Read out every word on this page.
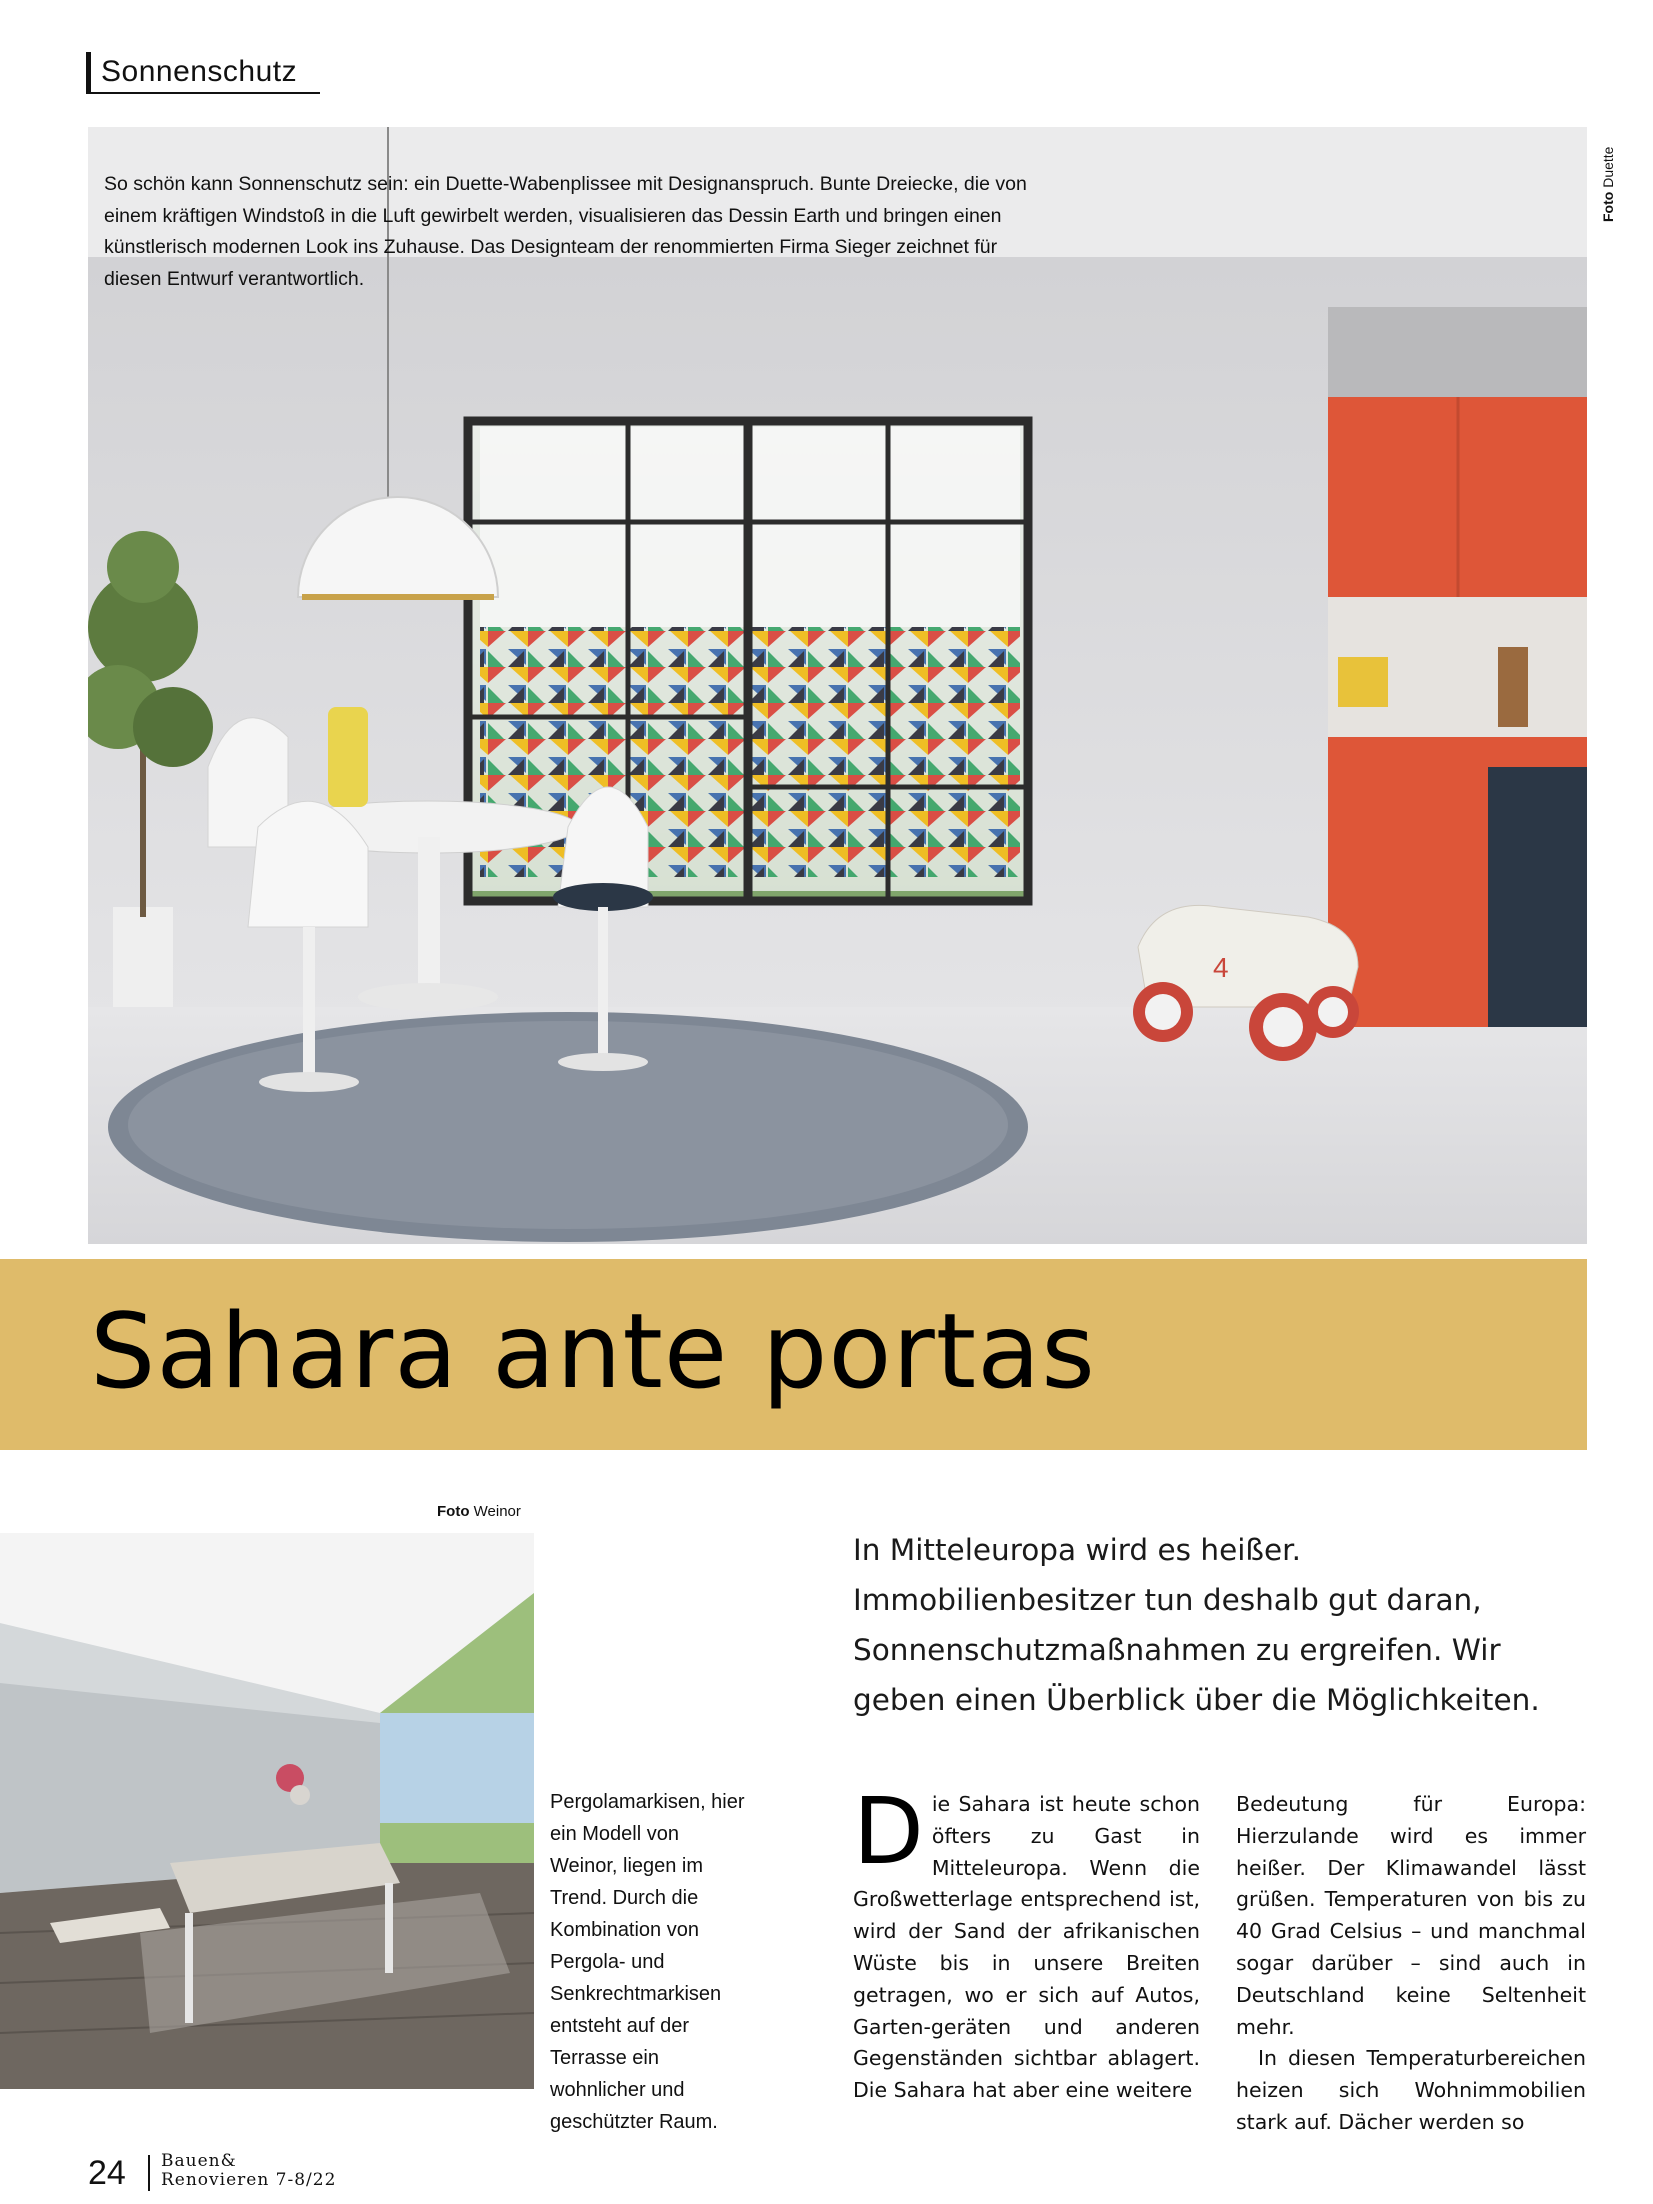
Sonnenschutz
4
So schön kann Sonnenschutz sein: ein Duette-Wabenplissee mit Designanspruch. Bunte Dreiecke, die von einem kräftigen Windstoß in die Luft gewirbelt werden, visualisieren das Dessin Earth und bringen einen künstlerisch modernen Look ins Zuhause. Das Designteam der renommierten Firma Sieger zeichnet für diesen Entwurf verantwortlich.
Foto Duette
Sahara ante portas
Foto Weinor
Pergolamarkisen, hier ein Modell von Weinor, liegen im Trend. Durch die Kombination von Pergola- und Senkrechtmarkisen entsteht auf der Terrasse ein wohnlicher und geschützter Raum.
In Mitteleuropa wird es heißer. Immobilienbesitzer tun deshalb gut daran, Sonnenschutzmaßnahmen zu ergreifen. Wir geben einen Überblick über die Möglichkeiten.
D ie Sahara ist heute schon öfters zu Gast in Mitteleuropa. Wenn die Großwetterlage entsprechend ist, wird der Sand der afrikanischen Wüste bis in unsere Breiten getragen, wo er sich auf Autos, Garten-geräten und anderen Gegenständen sichtbar ablagert. Die Sahara hat aber eine weitere

Bedeutung für Europa: Hierzulande wird es immer heißer. Der Klimawandel lässt grüßen. Temperaturen von bis zu 40 Grad Celsius – und manchmal sogar darüber – sind auch in Deutschland keine Seltenheit mehr.

In diesen Temperaturbereichen heizen sich Wohnimmobilien stark auf. Dächer werden so

24 Bauen&
Renovieren 7-8/22
